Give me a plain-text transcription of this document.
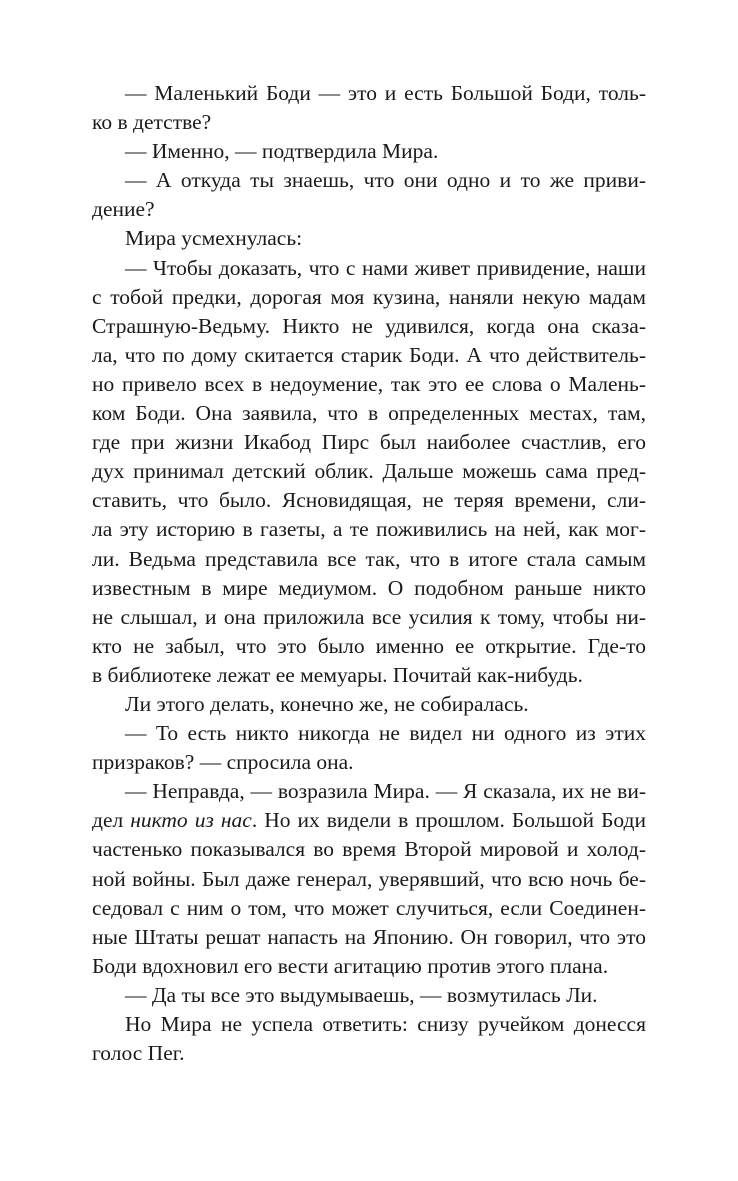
— Маленький Боди — это и есть Большой Боди, толь-
ко в детстве?
— Именно, — подтвердила Мира.
— А откуда ты знаешь, что они одно и то же приви-
дение?
Мира усмехнулась:
— Чтобы доказать, что с нами живет привидение, наши
с тобой предки, дорогая моя кузина, наняли некую мадам
Страшную-Ведьму. Никто не удивился, когда она сказа-
ла, что по дому скитается старик Боди. А что действитель-
но привело всех в недоумение, так это ее слова о Малень-
ком Боди. Она заявила, что в определенных местах, там,
где при жизни Икабод Пирс был наиболее счастлив, его
дух принимал детский облик. Дальше можешь сама пред-
ставить, что было. Ясновидящая, не теряя времени, сли-
ла эту историю в газеты, а те поживились на ней, как мог-
ли. Ведьма представила все так, что в итоге стала самым
известным в мире медиумом. О подобном раньше никто
не слышал, и она приложила все усилия к тому, чтобы ни-
кто не забыл, что это было именно ее открытие. Где-то
в библиотеке лежат ее мемуары. Почитай как-нибудь.
Ли этого делать, конечно же, не собиралась.
— То есть никто никогда не видел ни одного из этих
призраков? — спросила она.
— Неправда, — возразила Мира. — Я сказала, их не ви-
дел никто из нас. Но их видели в прошлом. Большой Боди
частенько показывался во время Второй мировой и холод-
ной войны. Был даже генерал, уверявший, что всю ночь бе-
седовал с ним о том, что может случиться, если Соединен-
ные Штаты решат напасть на Японию. Он говорил, что это
Боди вдохновил его вести агитацию против этого плана.
— Да ты все это выдумываешь, — возмутилась Ли.
Но Мира не успела ответить: снизу ручейком донесся
голос Пег.
